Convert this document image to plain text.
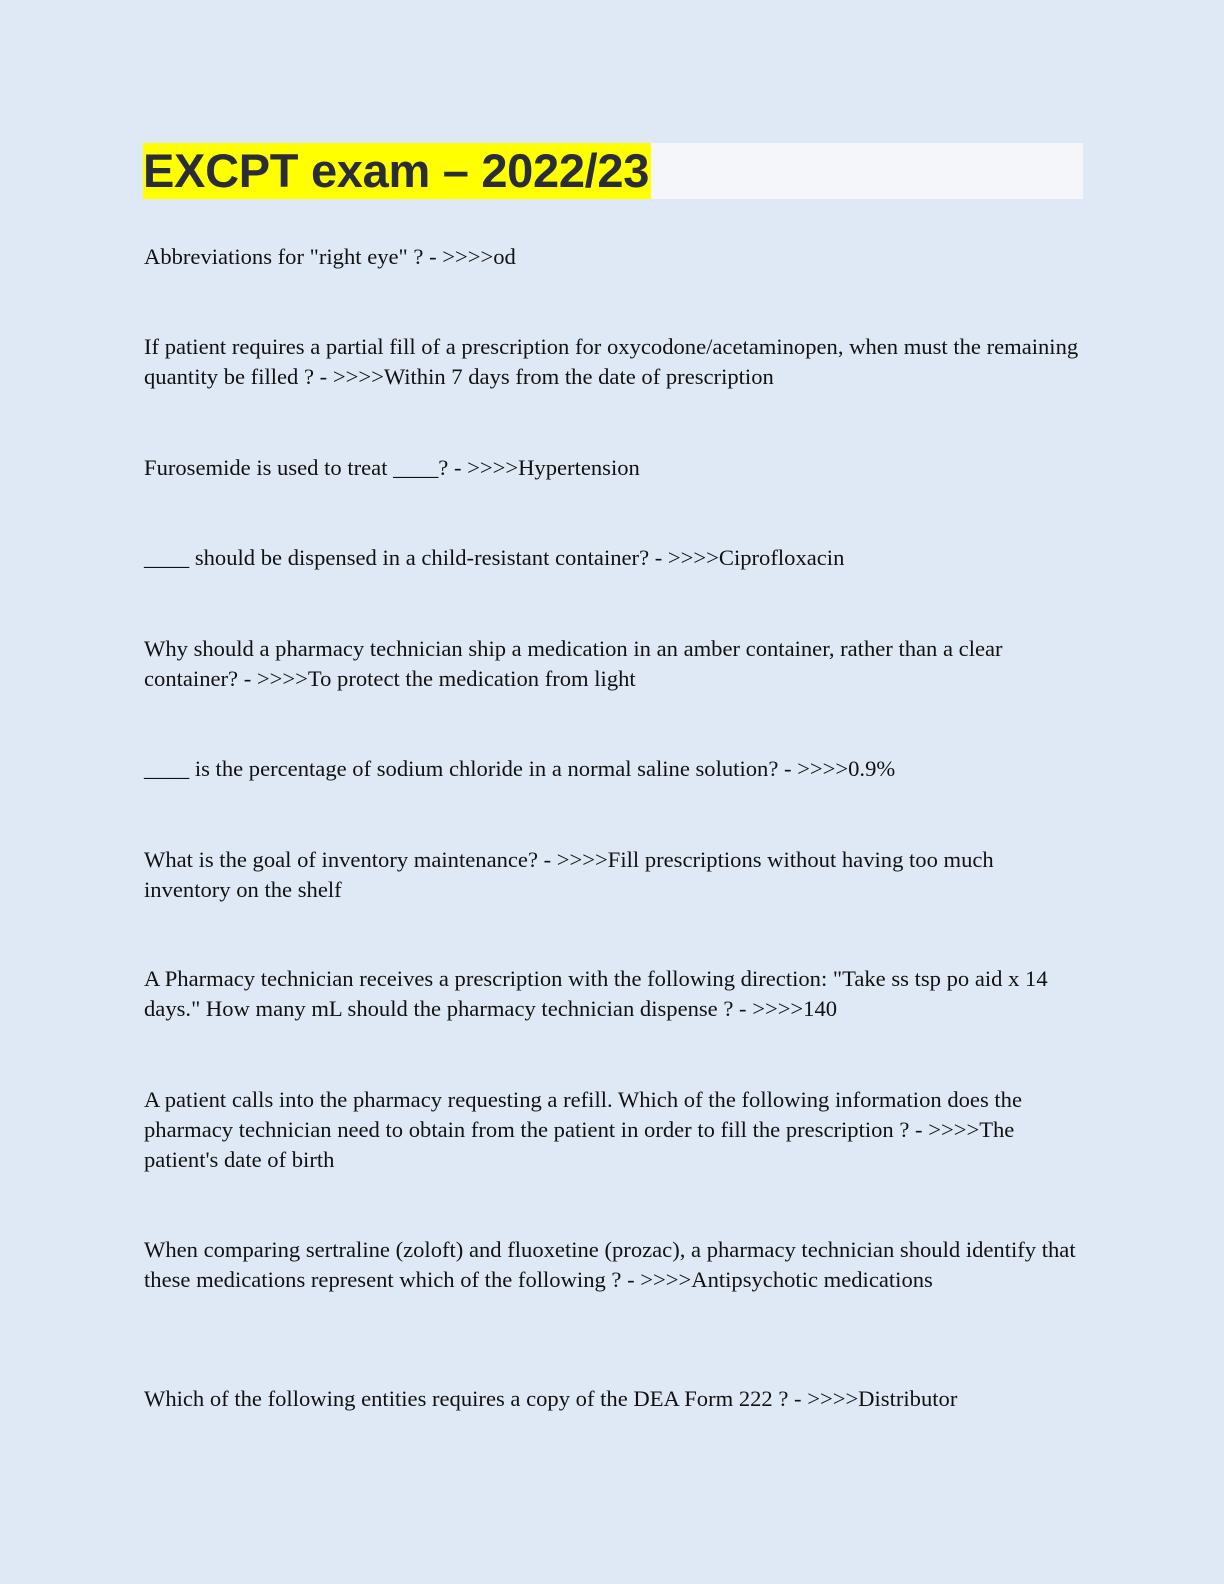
EXCPT exam – 2022/23

Abbreviations for "right eye" ? - >>>>od

If patient requires a partial fill of a prescription for oxycodone/acetaminopen, when must the remaining quantity be filled ? - >>>>Within 7 days from the date of prescription

Furosemide is used to treat ____? - >>>>Hypertension

____ should be dispensed in a child-resistant container? - >>>>Ciprofloxacin

Why should a pharmacy technician ship a medication in an amber container, rather than a clear container? - >>>>To protect the medication from light

____ is the percentage of sodium chloride in a normal saline solution? - >>>>0.9%

What is the goal of inventory maintenance? - >>>>Fill prescriptions without having too much inventory on the shelf

A Pharmacy technician receives a prescription with the following direction: "Take ss tsp po aid x 14 days." How many mL should the pharmacy technician dispense ? - >>>>140

A patient calls into the pharmacy requesting a refill. Which of the following information does the pharmacy technician need to obtain from the patient in order to fill the prescription ? - >>>>The patient's date of birth

When comparing sertraline (zoloft) and fluoxetine (prozac), a pharmacy technician should identify that these medications represent which of the following ? - >>>>Antipsychotic medications

Which of the following entities requires a copy of the DEA Form 222 ? - >>>>Distributor
